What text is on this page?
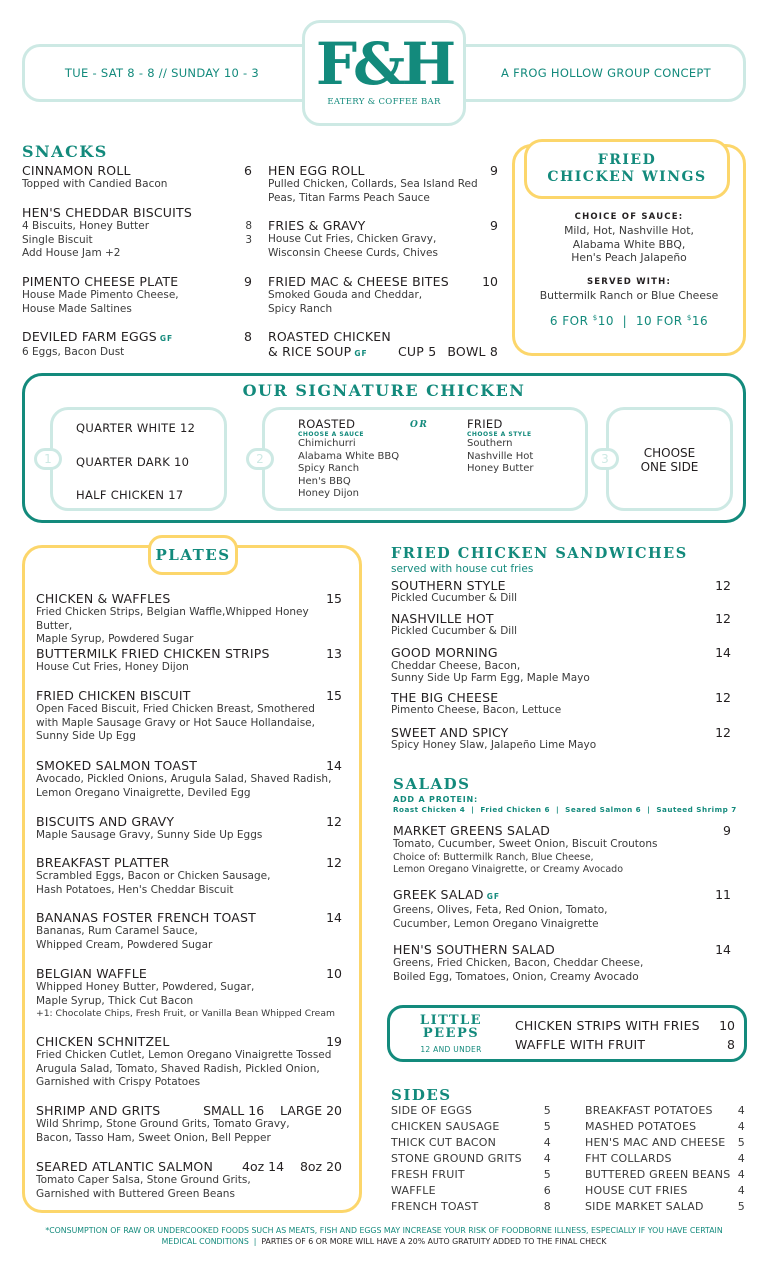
TUE - SAT 8 - 8 // SUNDAY 10 - 3	A FROG HOLLOW GROUP CONCEPT
F&H
EATERY & COFFEE BAR
SNACKS
CINNAMON ROLL	6
Topped with Candied Bacon
HEN'S CHEDDAR BISCUITS
4 Biscuits, Honey Butter	8
Single Biscuit	3
Add House Jam +2
PIMENTO CHEESE PLATE	9
House Made Pimento Cheese,
House Made Saltines
DEVILED FARM EGGS GF	8
6 Eggs, Bacon Dust
HEN EGG ROLL	9
Pulled Chicken, Collards, Sea Island Red
Peas, Titan Farms Peach Sauce
FRIES & GRAVY	9
House Cut Fries, Chicken Gravy,
Wisconsin Cheese Curds, Chives
FRIED MAC & CHEESE BITES	10
Smoked Gouda and Cheddar,
Spicy Ranch
ROASTED CHICKEN
& RICE SOUP GF CUP 5 BOWL 8
FRIED
CHICKEN WINGS
CHOICE OF SAUCE:
Mild, Hot, Nashville Hot,
Alabama White BBQ,
Hen's Peach Jalapeño
SERVED WITH:
Buttermilk Ranch or Blue Cheese
6 FOR $10  |  10 FOR $16
OUR SIGNATURE CHICKEN
QUARTER WHITE 12
QUARTER DARK 10
HALF CHICKEN 17
1
ROASTED
CHOOSE A SAUCE
Chimichurri
Alabama White BBQ
Spicy Ranch
Hen's BBQ
Honey Dijon
OR	FRIED
CHOOSE A STYLE
Southern
Nashville Hot
Honey Butter
2	CHOOSE
ONE SIDE
3
PLATES
CHICKEN & WAFFLES	15
Fried Chicken Strips, Belgian Waffle,Whipped Honey Butter,
Maple Syrup, Powdered Sugar
BUTTERMILK FRIED CHICKEN STRIPS	13
House Cut Fries, Honey Dijon
FRIED CHICKEN BISCUIT	15
Open Faced Biscuit, Fried Chicken Breast, Smothered
with Maple Sausage Gravy or Hot Sauce Hollandaise,
Sunny Side Up Egg
SMOKED SALMON TOAST	14
Avocado, Pickled Onions, Arugula Salad, Shaved Radish,
Lemon Oregano Vinaigrette, Deviled Egg
BISCUITS AND GRAVY	12
Maple Sausage Gravy, Sunny Side Up Eggs
BREAKFAST PLATTER	12
Scrambled Eggs, Bacon or Chicken Sausage,
Hash Potatoes, Hen's Cheddar Biscuit
BANANAS FOSTER FRENCH TOAST	14
Bananas, Rum Caramel Sauce,
Whipped Cream, Powdered Sugar
BELGIAN WAFFLE	10
Whipped Honey Butter, Powdered, Sugar,
Maple Syrup, Thick Cut Bacon
+1: Chocolate Chips, Fresh Fruit, or Vanilla Bean Whipped Cream
CHICKEN SCHNITZEL	19
Fried Chicken Cutlet, Lemon Oregano Vinaigrette Tossed
Arugula Salad, Tomato, Shaved Radish, Pickled Onion,
Garnished with Crispy Potatoes
SHRIMP AND GRITS	SMALL 16    LARGE 20
Wild Shrimp, Stone Ground Grits, Tomato Gravy,
Bacon, Tasso Ham, Sweet Onion, Bell Pepper
SEARED ATLANTIC SALMON	4oz 14    8oz 20
Tomato Caper Salsa, Stone Ground Grits,
Garnished with Buttered Green Beans
FRIED CHICKEN SANDWICHES
served with house cut fries
SOUTHERN STYLE	12
Pickled Cucumber & Dill
NASHVILLE HOT	12
Pickled Cucumber & Dill
GOOD MORNING	14
Cheddar Cheese, Bacon,
Sunny Side Up Farm Egg, Maple Mayo
THE BIG CHEESE	12
Pimento Cheese, Bacon, Lettuce
SWEET AND SPICY	12
Spicy Honey Slaw, Jalapeño Lime Mayo
SALADS
ADD A PROTEIN:
Roast Chicken 4  |  Fried Chicken 6  |  Seared Salmon 6  |  Sauteed Shrimp 7
MARKET GREENS SALAD	9
Tomato, Cucumber, Sweet Onion, Biscuit Croutons
Choice of: Buttermilk Ranch, Blue Cheese,
Lemon Oregano Vinaigrette, or Creamy Avocado
GREEK SALAD GF	11
Greens, Olives, Feta, Red Onion, Tomato,
Cucumber, Lemon Oregano Vinaigrette
HEN'S SOUTHERN SALAD	14
Greens, Fried Chicken, Bacon, Cheddar Cheese,
Boiled Egg, Tomatoes, Onion, Creamy Avocado
LITTLE
PEEPS
12 AND UNDER
CHICKEN STRIPS WITH FRIES	10
WAFFLE WITH FRUIT	8
SIDES
SIDE OF EGGS	5
CHICKEN SAUSAGE	5
THICK CUT BACON	4
STONE GROUND GRITS 4
FRESH FRUIT	5
WAFFLE	6
FRENCH TOAST	8
BREAKFAST POTATOES 4
MASHED POTATOES	4
HEN'S MAC AND CHEESE 5
FHT COLLARDS	4
BUTTERED GREEN BEANS 4
HOUSE CUT FRIES	4
SIDE MARKET SALAD	5
*CONSUMPTION OF RAW OR UNDERCOOKED FOODS SUCH AS MEATS, FISH AND EGGS MAY INCREASE YOUR RISK OF FOODBORNE ILLNESS, ESPECIALLY IF YOU HAVE CERTAIN MEDICAL CONDITIONS  |  PARTIES OF 6 OR MORE WILL HAVE A 20% AUTO GRATUITY ADDED TO THE FINAL CHECK
